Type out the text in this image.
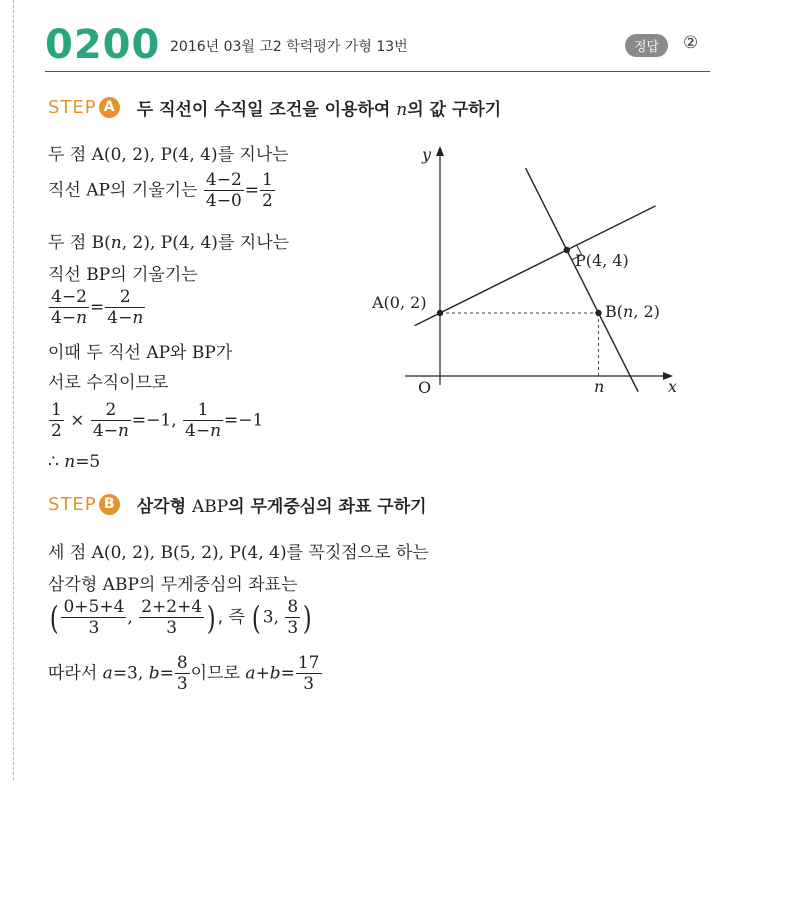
0200 2016년 03월 고2 학력평가 가형 13번	정답	②
STEP A 두 직선이 수직일 조건을 이용하여 n의 값 구하기
두 점 A(0, 2), P(4, 4)를 지나는
직선 AP의 기울기는 $\frac{4-2}{4-0} = \frac{1}{2}$
두 점 B(n, 2), P(4, 4)를 지나는
직선 BP의 기울기는
$\frac{4-2}{4-n} = \frac{2}{4-n}$
이때 두 직선 AP와 BP가
서로 수직이므로
$\frac{1}{2} \times \frac{2}{4-n} =-1$, $\frac{1}{4-n} =-1$
∴ n=5
STEP B 삼각형 ABP의 무게중심의 좌표 구하기
세 점 A(0, 2), B(5, 2), P(4, 4)를 꼭짓점으로 하는
삼각형 ABP의 무게중심의 좌표는
( $\frac{0+5+4}{3}$ , $\frac{2+2+4}{3}$ ) , 즉 ( 3, $\frac{8}{3}$ )
따라서 a=3, $b= \frac{8}{3}$ 이므로 $a+b= \frac{17}{3}$
y
x
O
A(0, 2)
P(4, 4)
B(n, 2)
n
